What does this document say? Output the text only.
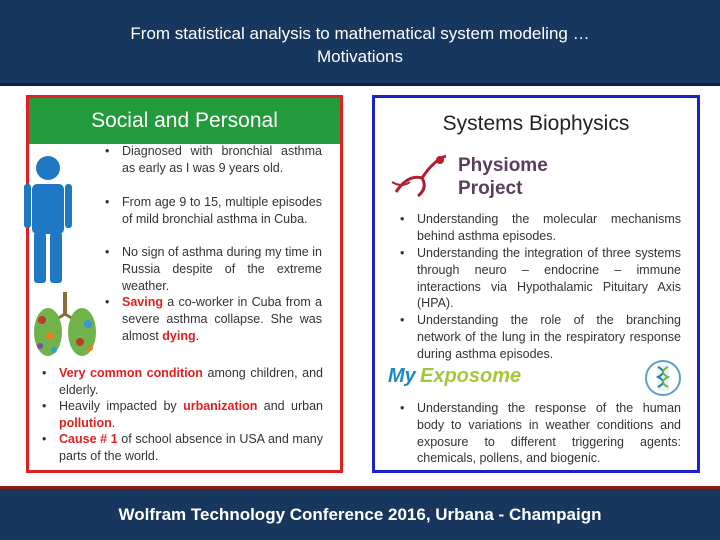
From statistical analysis to mathematical system modeling …
Motivations
Social and Personal
• Diagnosed with bronchial asthma as early as I was 9 years old.
• From age 9 to 15, multiple episodes of mild bronchial asthma in Cuba.
• No sign of asthma during my time in Russia despite of the extreme weather.
• Saving a co-worker in Cuba from a severe asthma collapse. She was almost dying.
• Very common condition among children, and elderly.
• Heavily impacted by urbanization and urban pollution.
• Cause # 1 of school absence in USA and many parts of the world.
Systems Biophysics
Physiome
Project
• Understanding the molecular mechanisms behind asthma episodes.
• Understanding the integration of three systems through neuro – endocrine – immune interactions via Hypothalamic Pituitary Axis (HPA).
• Understanding the role of the branching network of the lung in the respiratory response during asthma episodes.
My Exposome
• Understanding the response of the human body to variations in weather conditions and exposure to different triggering agents: chemicals, pollens, and biogenic.
Wolfram Technology Conference 2016, Urbana - Champaign
